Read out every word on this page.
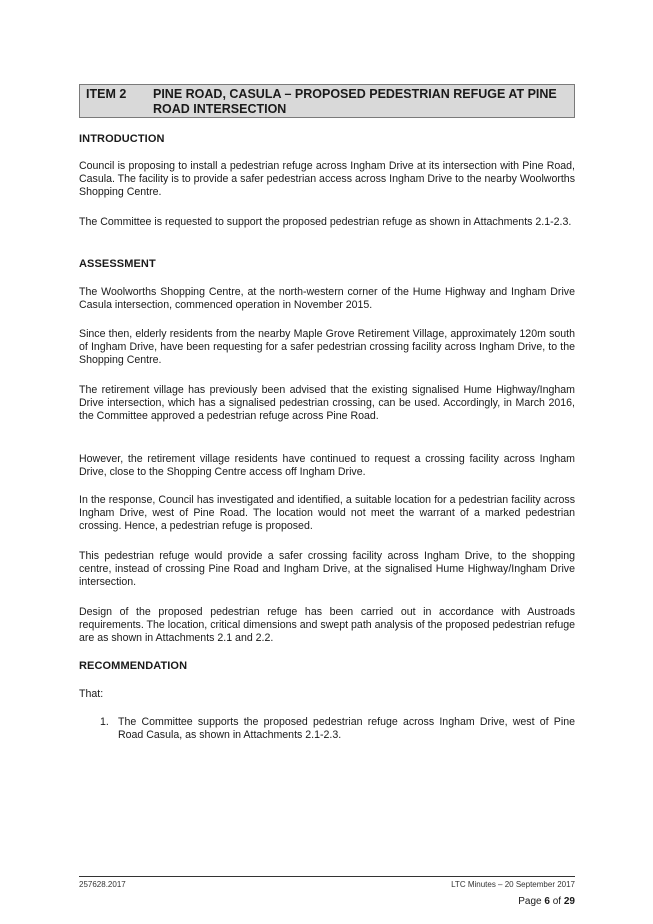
ITEM 2 PINE ROAD, CASULA – PROPOSED PEDESTRIAN REFUGE AT PINE ROAD INTERSECTION
INTRODUCTION
Council is proposing to install a pedestrian refuge across Ingham Drive at its intersection with Pine Road, Casula. The facility is to provide a safer pedestrian access across Ingham Drive to the nearby Woolworths Shopping Centre.
The Committee is requested to support the proposed pedestrian refuge as shown in Attachments 2.1-2.3.
ASSESSMENT
The Woolworths Shopping Centre, at the north-western corner of the Hume Highway and Ingham Drive Casula intersection, commenced operation in November 2015.
Since then, elderly residents from the nearby Maple Grove Retirement Village, approximately 120m south of Ingham Drive, have been requesting for a safer pedestrian crossing facility across Ingham Drive, to the Shopping Centre.
The retirement village has previously been advised that the existing signalised Hume Highway/Ingham Drive intersection, which has a signalised pedestrian crossing, can be used. Accordingly, in March 2016, the Committee approved a pedestrian refuge across Pine Road.
However, the retirement village residents have continued to request a crossing facility across Ingham Drive, close to the Shopping Centre access off Ingham Drive.
In the response, Council has investigated and identified, a suitable location for a pedestrian facility across Ingham Drive, west of Pine Road. The location would not meet the warrant of a marked pedestrian crossing. Hence, a pedestrian refuge is proposed.
This pedestrian refuge would provide a safer crossing facility across Ingham Drive, to the shopping centre, instead of crossing Pine Road and Ingham Drive, at the signalised Hume Highway/Ingham Drive intersection.
Design of the proposed pedestrian refuge has been carried out in accordance with Austroads requirements. The location, critical dimensions and swept path analysis of the proposed pedestrian refuge are as shown in Attachments 2.1 and 2.2.
RECOMMENDATION
That:
1. The Committee supports the proposed pedestrian refuge across Ingham Drive, west of Pine Road Casula, as shown in Attachments 2.1-2.3.
257628.2017	LTC Minutes – 20 September 2017
Page 6 of 29
